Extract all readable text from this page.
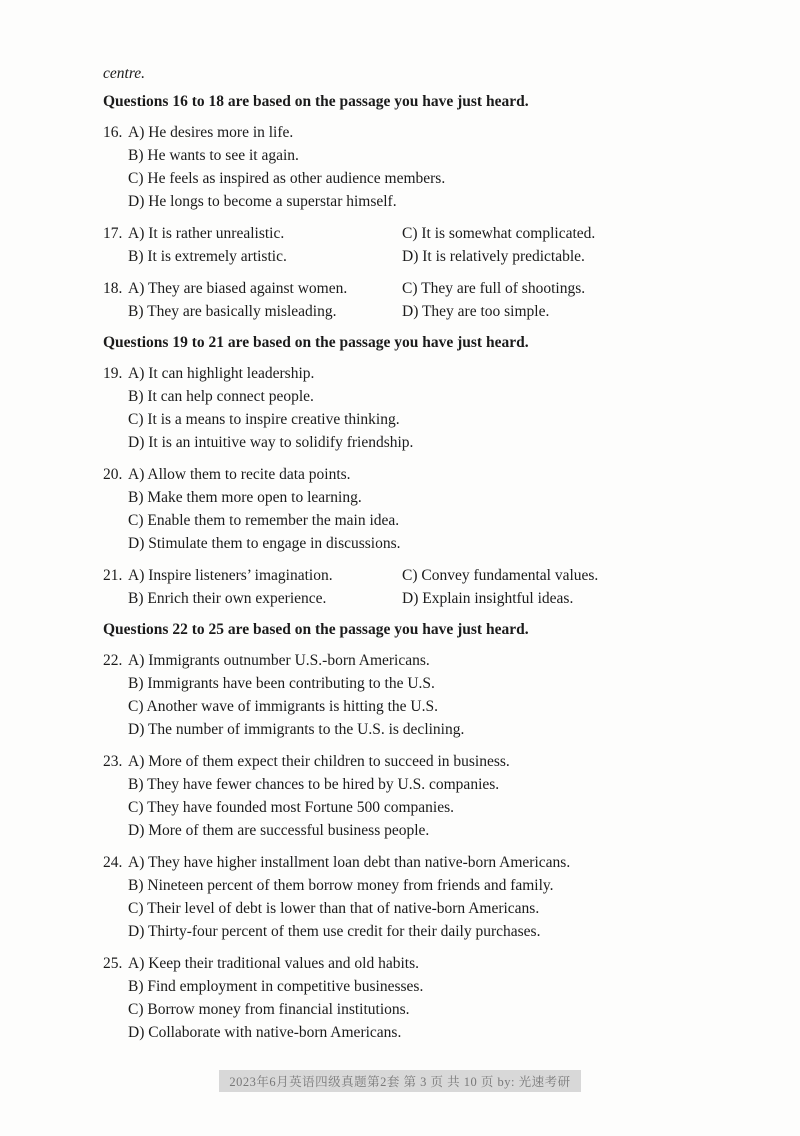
centre.
Questions 16 to 18 are based on the passage you have just heard.
16. A) He desires more in life.
B) He wants to see it again.
C) He feels as inspired as other audience members.
D) He longs to become a superstar himself.
17. A) It is rather unrealistic.	C) It is somewhat complicated.
B) It is extremely artistic.	D) It is relatively predictable.
18. A) They are biased against women.	C) They are full of shootings.
B) They are basically misleading.	D) They are too simple.
Questions 19 to 21 are based on the passage you have just heard.
19. A) It can highlight leadership.
B) It can help connect people.
C) It is a means to inspire creative thinking.
D) It is an intuitive way to solidify friendship.
20. A) Allow them to recite data points.
B) Make them more open to learning.
C) Enable them to remember the main idea.
D) Stimulate them to engage in discussions.
21. A) Inspire listeners’ imagination.	C) Convey fundamental values.
B) Enrich their own experience.	D) Explain insightful ideas.
Questions 22 to 25 are based on the passage you have just heard.
22. A) Immigrants outnumber U.S.-born Americans.
B) Immigrants have been contributing to the U.S.
C) Another wave of immigrants is hitting the U.S.
D) The number of immigrants to the U.S. is declining.
23. A) More of them expect their children to succeed in business.
B) They have fewer chances to be hired by U.S. companies.
C) They have founded most Fortune 500 companies.
D) More of them are successful business people.
24. A) They have higher installment loan debt than native-born Americans.
B) Nineteen percent of them borrow money from friends and family.
C) Their level of debt is lower than that of native-born Americans.
D) Thirty-four percent of them use credit for their daily purchases.
25. A) Keep their traditional values and old habits.
B) Find employment in competitive businesses.
C) Borrow money from financial institutions.
D) Collaborate with native-born Americans.
2023年6月英语四级真题第2套 第 3 页 共 10 页 by: 光速考研
